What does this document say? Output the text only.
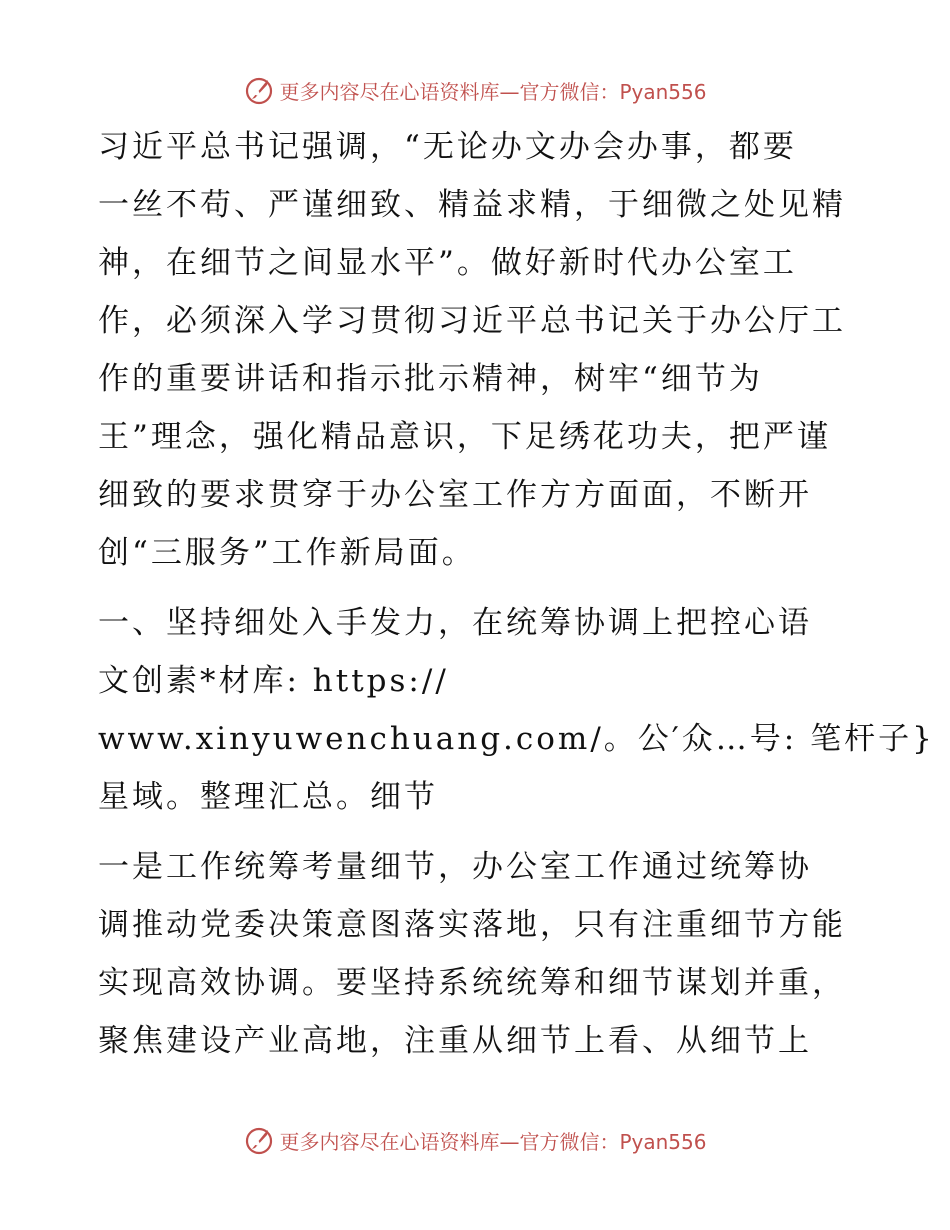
更多内容尽在心语资料库—官方微信：Pyan556

习近平总书记强调，“无论办文办会办事，都要
一丝不苟、严谨细致、精益求精，于细微之处见精
神，在细节之间显水平”。做好新时代办公室工
作，必须深入学习贯彻习近平总书记关于办公厅工
作的重要讲话和指示批示精神，树牢“细节为
王”理念，强化精品意识，下足绣花功夫，把严谨
细致的要求贯穿于办公室工作方方面面，不断开
创“三服务”工作新局面。

一、坚持细处入手发力，在统筹协调上把控心语
文创素*材库: https://
www.xinyuwenchuang.com/。公′众…号: 笔杆子}
星域。整理汇总。细节

一是工作统筹考量细节，办公室工作通过统筹协
调推动党委决策意图落实落地，只有注重细节方能
实现高效协调。要坚持系统统筹和细节谋划并重，
聚焦建设产业高地，注重从细节上看、从细节上

更多内容尽在心语资料库—官方微信：Pyan556
